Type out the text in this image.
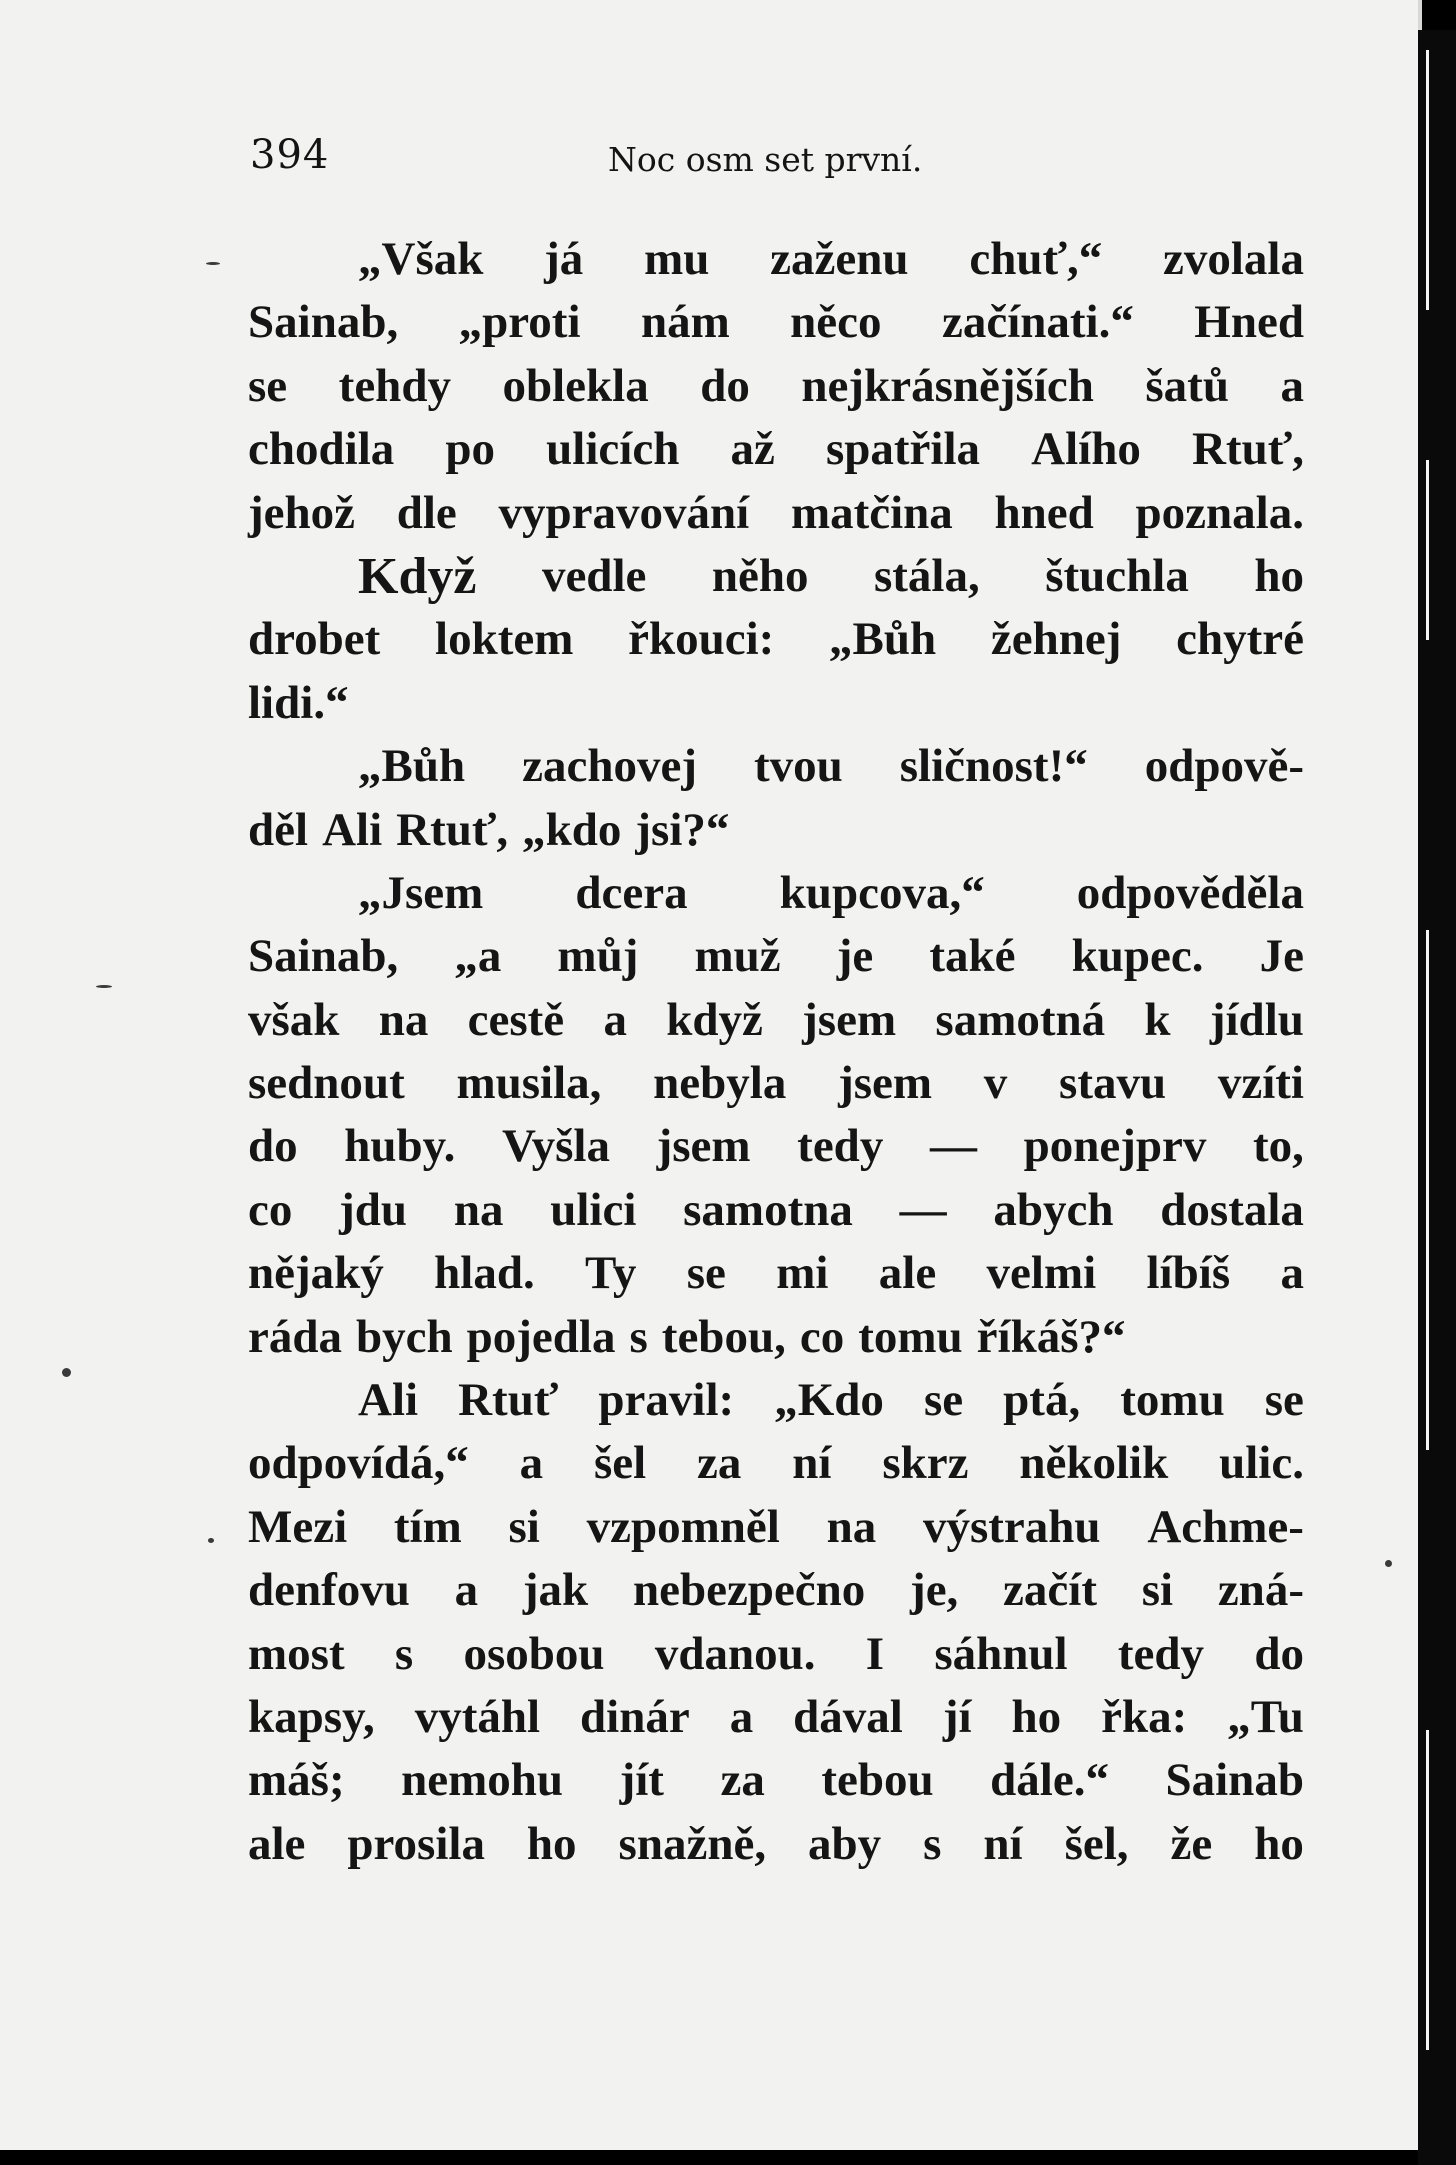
394	Noc osm set první.
„Však já mu zaženu chuť,“ zvolala
Sainab, „proti nám něco začínati.“ Hned
se tehdy oblekla do nejkrásnějších šatů a
chodila po ulicích až spatřila Alího Rtuť,
jehož dle vypravování matčina hned poznala.
Když vedle něho stála, štuchla ho
drobet loktem řkouci: „Bůh žehnej chytré
lidi.“
„Bůh zachovej tvou sličnost!“ odpově-
děl Ali Rtuť, „kdo jsi?“
„Jsem dcera kupcova,“ odpověděla
Sainab, „a můj muž je také kupec. Je
však na cestě a když jsem samotná k jídlu
sednout musila, nebyla jsem v stavu vzíti
do huby. Vyšla jsem tedy — ponejprv to,
co jdu na ulici samotna — abych dostala
nějaký hlad. Ty se mi ale velmi líbíš a
ráda bych pojedla s tebou, co tomu říkáš?“
Ali Rtuť pravil: „Kdo se ptá, tomu se
odpovídá,“ a šel za ní skrz několik ulic.
Mezi tím si vzpomněl na výstrahu Achme-
denfovu a jak nebezpečno je, začít si zná-
most s osobou vdanou. I sáhnul tedy do
kapsy, vytáhl dinár a dával jí ho řka: „Tu
máš; nemohu jít za tebou dále.“ Sainab
ale prosila ho snažně, aby s ní šel, že ho
